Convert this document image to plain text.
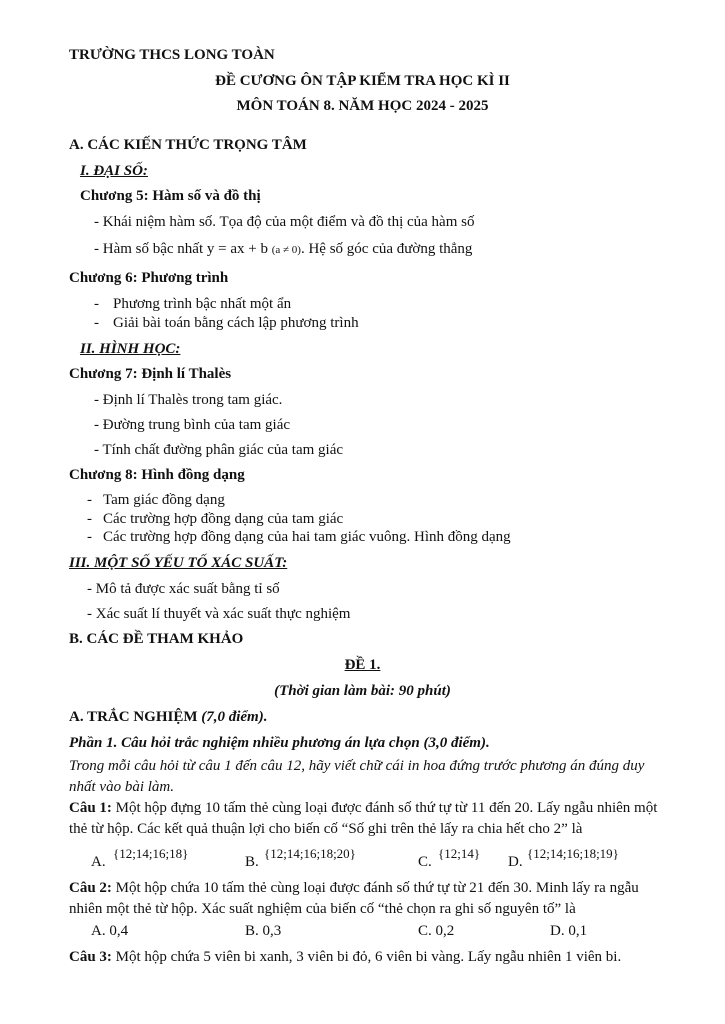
TRƯỜNG THCS LONG TOÀN
ĐỀ CƯƠNG ÔN TẬP KIỂM TRA HỌC KÌ II
MÔN TOÁN 8. NĂM HỌC 2024 - 2025
A. CÁC KIẾN THỨC TRỌNG TÂM
I. ĐẠI SỐ:
Chương 5: Hàm số và đồ thị
- Khái niệm hàm số. Tọa độ của một điểm và đồ thị của hàm số
- Hàm số bậc nhất y = ax + b (a ≠ 0). Hệ số góc của đường thẳng
Chương 6: Phương trình
- Phương trình bậc nhất một ẩn
- Giải bài toán bằng cách lập phương trình
II. HÌNH HỌC:
Chương 7: Định lí Thalès
- Định lí Thalès trong tam giác.
- Đường trung bình của tam giác
- Tính chất đường phân giác của tam giác
Chương 8: Hình đồng dạng
- Tam giác đồng dạng
- Các trường hợp đồng dạng của tam giác
- Các trường hợp đồng dạng của hai tam giác vuông. Hình đồng dạng
III. MỘT SỐ YẾU TỐ XÁC SUẤT:
- Mô tả được xác suất bằng tỉ số
- Xác suất lí thuyết và xác suất thực nghiệm
B. CÁC ĐỀ THAM KHẢO
ĐỀ 1.
(Thời gian làm bài: 90 phút)
A. TRẮC NGHIỆM (7,0 điểm).
Phần 1. Câu hỏi trắc nghiệm nhiều phương án lựa chọn (3,0 điểm).
Trong mỗi câu hỏi từ câu 1 đến câu 12, hãy viết chữ cái in hoa đứng trước phương án đúng duy nhất vào bài làm.
Câu 1: Một hộp đựng 10 tấm thẻ cùng loại được đánh số thứ tự từ 11 đến 20. Lấy ngẫu nhiên một thẻ từ hộp. Các kết quả thuận lợi cho biến cố “Số ghi trên thẻ lấy ra chia hết cho 2” là
A.
{12;14;16;18}
B.
{12;14;16;18;20}
C.
{12;14}
D.
{12;14;16;18;19}
Câu 2: Một hộp chứa 10 tấm thẻ cùng loại được đánh số thứ tự từ 21 đến 30. Minh lấy ra ngẫu nhiên một thẻ từ hộp. Xác suất nghiệm của biến cố “thẻ chọn ra ghi số nguyên tố” là
A. 0,4	B. 0,3	C. 0,2	D. 0,1
Câu 3: Một hộp chứa 5 viên bi xanh, 3 viên bi đỏ, 6 viên bi vàng. Lấy ngẫu nhiên 1 viên bi.
